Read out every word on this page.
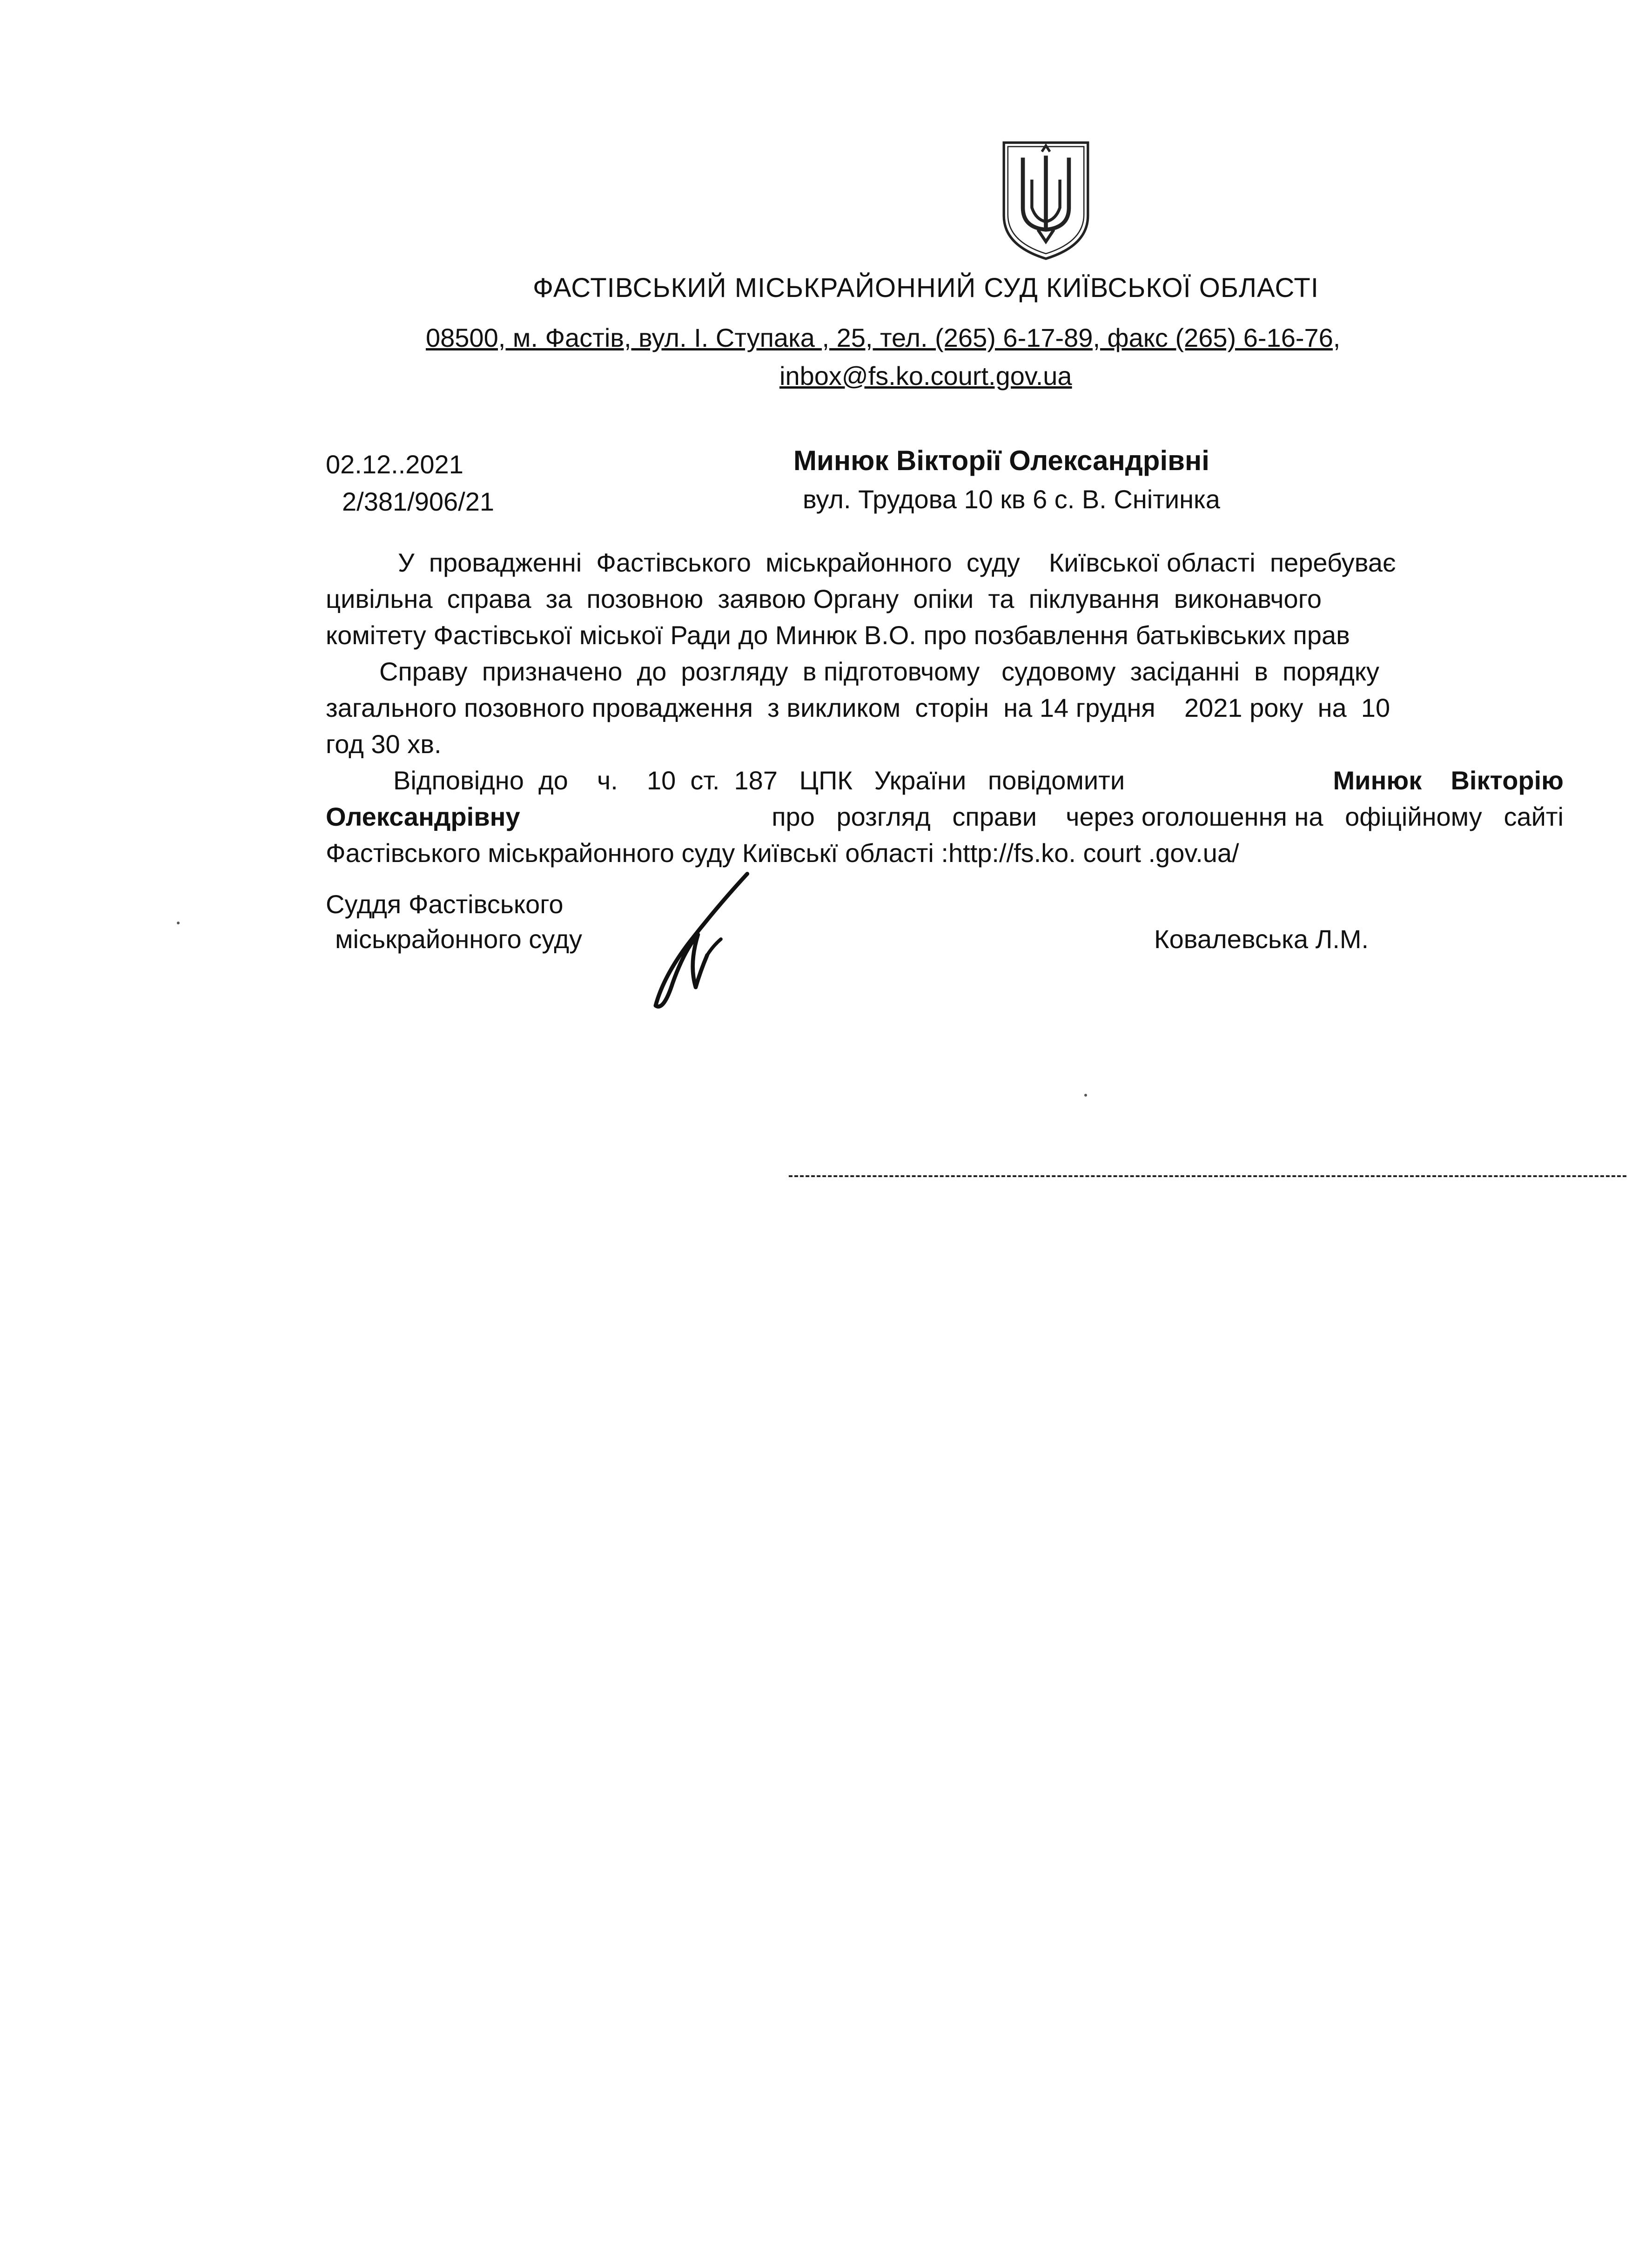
ФАСТІВСЬКИЙ МІСЬКРАЙОННИЙ СУД КИЇВСЬКОЇ ОБЛАСТІ
08500, м. Фастів, вул. І. Ступака , 25, тел. (265) 6-17-89, факс (265) 6-16-76,
inbox@fs.ko.court.gov.ua
02.12..2021
2/381/906/21
Минюк Вікторії Олександрівні
вул. Трудова 10 кв 6 с. В. Снітинка
У  провадженні  Фастівського  міськрайонного  суду    Київської області  перебуває
цивільна  справа  за  позовною  заявою Органу  опіки  та  піклування  виконавчого
комітету Фастівської міської Ради до Минюк В.О. про позбавлення батьківських прав
Справу  призначено  до  розгляду  в підготовчому   судовому  засіданні  в  порядку
загального позовного провадження  з викликом  сторін  на 14 грудня    2021 року  на  10
год 30 хв.
Відповідно  до    ч.    10  ст.  187   ЦПК   України   повідомити	Минюк    Вікторію
Олександрівну	про   розгляд   справи    через оголошення на   офіційному   сайті
Фастівського міськрайонного суду Київськї області :http://fs.ko. court .gov.ua/
Суддя Фастівського
міськрайонного суду	Ковалевська Л.М.
